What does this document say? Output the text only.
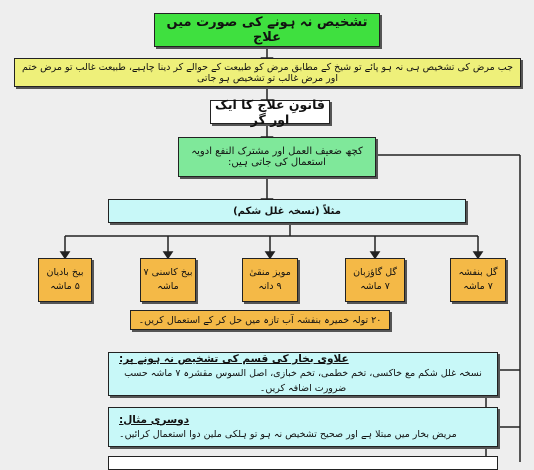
تشخیص نہ ہونے کی صورت میں علاج
جب مرض کی تشخیص ہی نہ ہو پائے تو شیخ کے مطابق مرض کو طبیعت کے حوالے کر دینا چاہیے، طبیعت غالب تو مرض ختم اور مرض غالب تو تشخیص ہو جاتی
قانونِ علاج کا ایک اور گر
کچھ ضعیف العمل اور مشترک النفع ادویہ استعمال کی جاتی ہیں:
مثلاً (نسخہ غلل شکم)
بیخ بادیان
۵ ماشہ
بیخ کاسنی ۷
ماشہ
مویز منقیٰ
۹ دانہ
گل گاؤزبان
۷ ماشہ
گل بنفشہ
۷ ماشہ
۲۰ تولہ خمیرہ بنفشہ آب تازہ میں حل کر کے استعمال کریں۔
علاوی بخار کی قسم کی تشخیص نہ ہونے پر:
نسخہ غلل شکم مع خاکسی، تخم خطمی، تخم خبازی، اصل السوس مقشرہ ۷ ماشہ حسب ضرورت اضافہ کریں۔
دوسری مثال:
مریض بخار میں مبتلا ہے اور صحیح تشخیص نہ ہو تو ہلکی ملین دوا استعمال کرائیں۔
